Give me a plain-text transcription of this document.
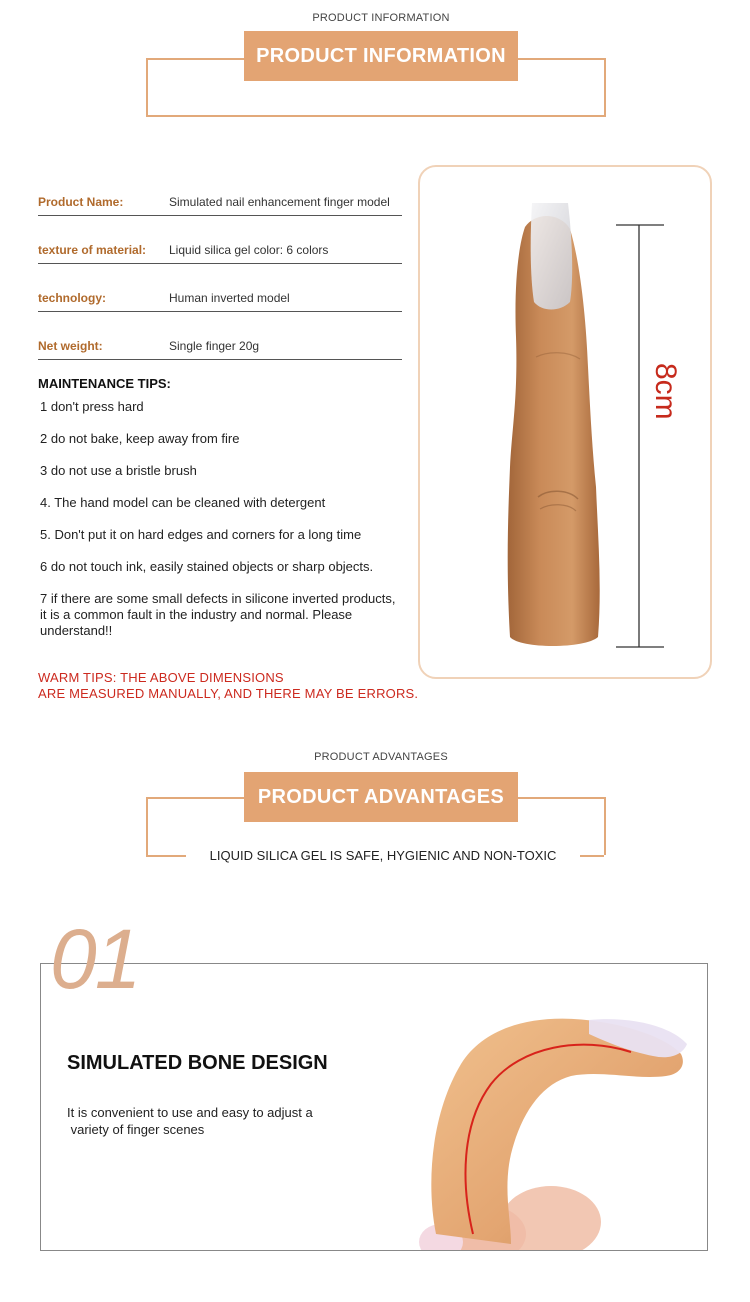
PRODUCT INFORMATION
PRODUCT INFORMATION
Product Name:	Simulated nail enhancement finger model
texture of material: Liquid silica gel color: 6 colors
technology:	Human inverted model
Net weight:	Single finger 20g
MAINTENANCE TIPS:
1 don't press hard
2 do not bake, keep away from fire
3 do not use a bristle brush
4. The hand model can be cleaned with detergent
5. Don't put it on hard edges and corners for a long time
6 do not touch ink, easily stained objects or sharp objects.
7 if there are some small defects in silicone inverted products, it is a common fault in the industry and normal. Please understand!!
WARM TIPS: THE ABOVE DIMENSIONS
ARE MEASURED MANUALLY, AND THERE MAY BE ERRORS.
8cm
PRODUCT ADVANTAGES
PRODUCT ADVANTAGES
LIQUID SILICA GEL IS SAFE, HYGIENIC AND NON-TOXIC
SIMULATED BONE DESIGN
It is convenient to use and easy to adjust a
variety of finger scenes
01
